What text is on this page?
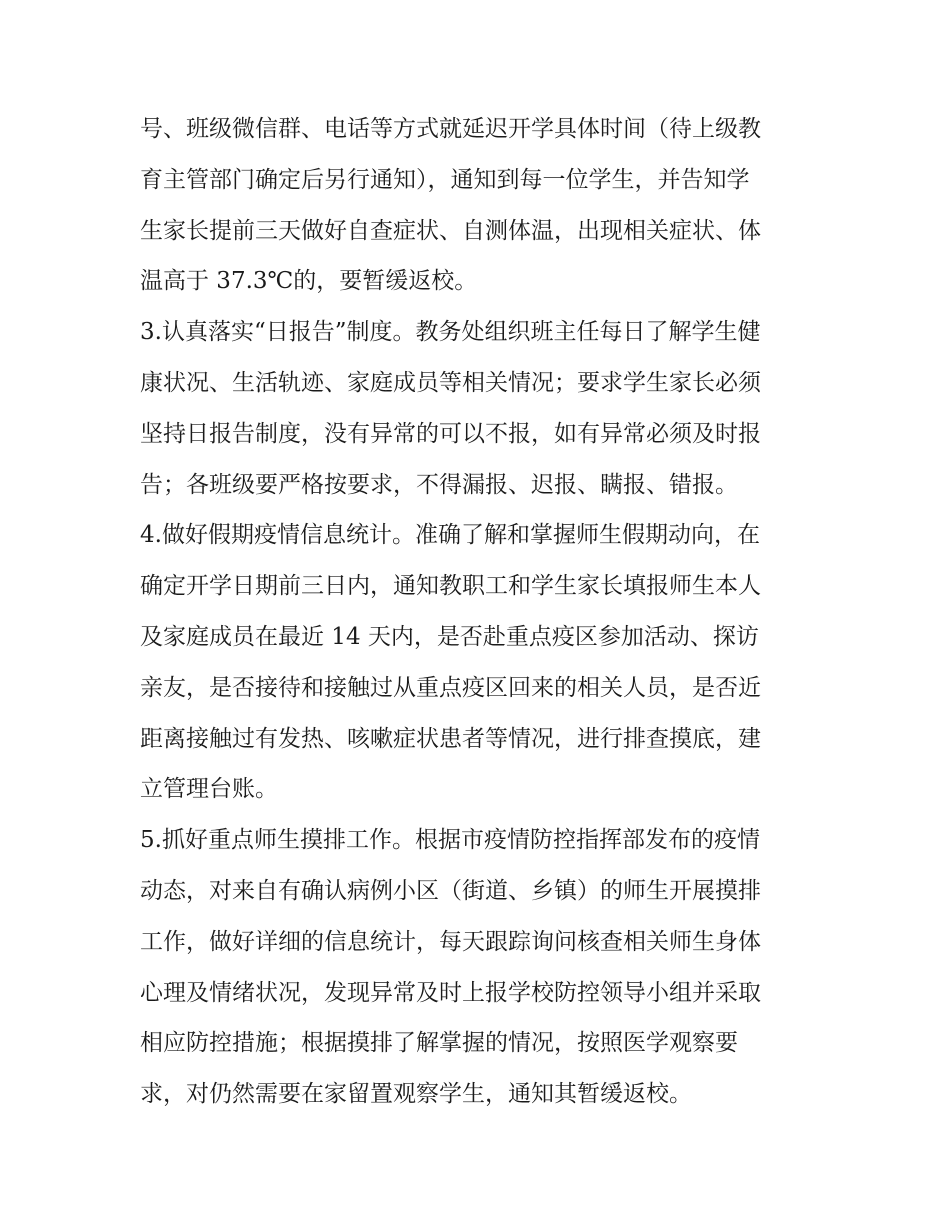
号、班级微信群、电话等方式就延迟开学具体时间（待上级教
育主管部门确定后另行通知），通知到每一位学生，并告知学
生家长提前三天做好自查症状、自测体温，出现相关症状、体
温高于 37.3℃的，要暂缓返校。
3.认真落实“日报告”制度。教务处组织班主任每日了解学生健
康状况、生活轨迹、家庭成员等相关情况；要求学生家长必须
坚持日报告制度，没有异常的可以不报，如有异常必须及时报
告；各班级要严格按要求，不得漏报、迟报、瞒报、错报。
4.做好假期疫情信息统计。准确了解和掌握师生假期动向，在
确定开学日期前三日内，通知教职工和学生家长填报师生本人
及家庭成员在最近 14 天内，是否赴重点疫区参加活动、探访
亲友，是否接待和接触过从重点疫区回来的相关人员，是否近
距离接触过有发热、咳嗽症状患者等情况，进行排查摸底，建
立管理台账。
5.抓好重点师生摸排工作。根据市疫情防控指挥部发布的疫情
动态，对来自有确认病例小区（街道、乡镇）的师生开展摸排
工作，做好详细的信息统计，每天跟踪询问核查相关师生身体
心理及情绪状况，发现异常及时上报学校防控领导小组并采取
相应防控措施；根据摸排了解掌握的情况，按照医学观察要
求，对仍然需要在家留置观察学生，通知其暂缓返校。
